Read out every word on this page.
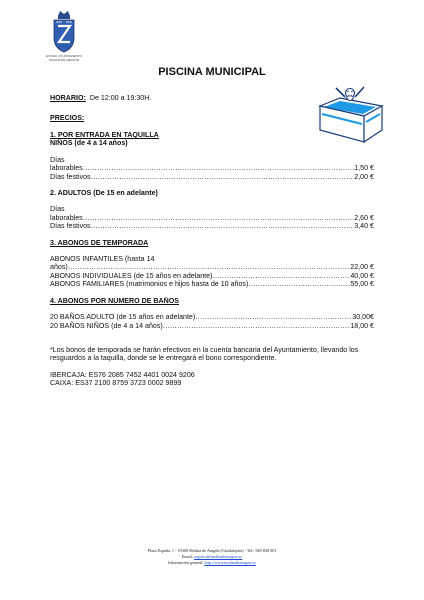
EXCMO. AYUNTAMIENTO MOLINA DE ARAGÓN
PISCINA MUNICIPAL
HORARIO: De 12:00 a 19:30H.
PRECIOS:
1. POR ENTRADA EN TAQUILLA
NIÑOS (de 4 a 14 años)
Días
laborables …………………………………………………………………………………………………………………………………………………………………	1,50 €
Días festivos …………………………………………………………………………………………………………………………………………………………………	2,00 €
2. ADULTOS (De 15 en adelante)
Días
laborables …………………………………………………………………………………………………………………………………………………………………	2,60 €
Días festivos …………………………………………………………………………………………………………………………………………………………………	3,40 €
3. ABONOS DE TEMPORADA
ABONOS INFANTILES (hasta 14
años) …………………………………………………………………………………………………………………………………………………………………	22,00 €
ABONOS INDIVIDUALES (de 15 años en adelante) …………………………………………………………………………………………………………………………………………………………………	40,00 €
ABONOS FAMILIARES (matrimonios e hijos hasta de 10 años) …………………………………………………………………………………………………………………………………………………………………	55,00 €
4. ABONOS POR NÚMERO DE BAÑOS
20 BAÑOS ADULTO (de 15 años en adelante) …………………………………………………………………………………………………………………………………………………………………	30,00€
20 BAÑOS NIÑOS (de 4 a 14 años) …………………………………………………………………………………………………………………………………………………………………	18,00 €
*Los bonos de temporada se harán efectivos en la cuenta bancaria del Ayuntamiento, llevando los resguardos a la taquilla, donde se le entregará el bono correspondiente.
IBERCAJA: ES76 2085 7452 4401 0024 9206
CAIXA: ES37 2100 8759 3723 0002 9899
Plaza España, 1 - 19300 Molina de Aragón (Guadalajara) - Tel.: 949 830 001
Email: registro@molinadearagon.es
Información general: http://www.molinadearagon.es
